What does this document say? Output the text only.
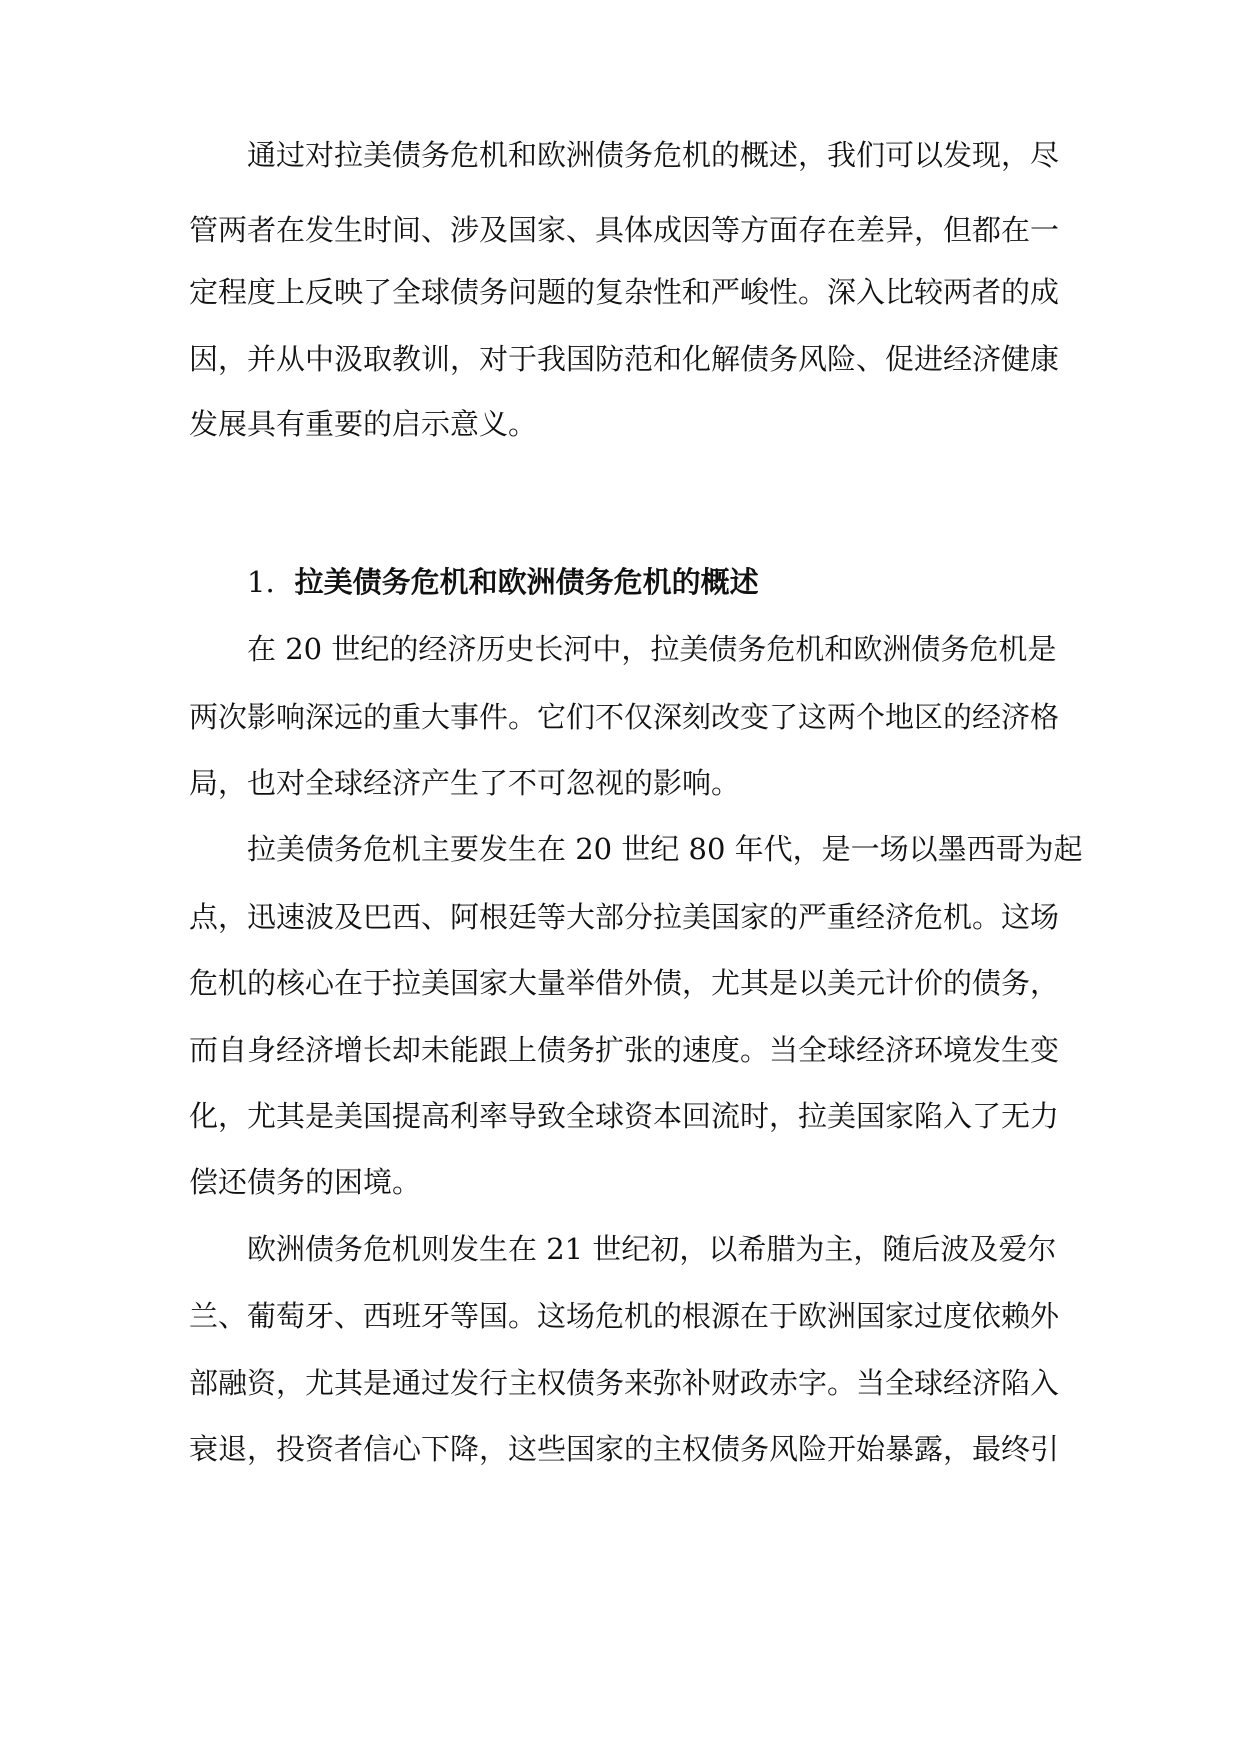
通过对拉美债务危机和欧洲债务危机的概述，我们可以发现，尽
管两者在发生时间、涉及国家、具体成因等方面存在差异，但都在一
定程度上反映了全球债务问题的复杂性和严峻性。深入比较两者的成
因，并从中汲取教训，对于我国防范和化解债务风险、促进经济健康
发展具有重要的启示意义。
1. 拉美债务危机和欧洲债务危机的概述
在 20 世纪的经济历史长河中，拉美债务危机和欧洲债务危机是
两次影响深远的重大事件。它们不仅深刻改变了这两个地区的经济格
局，也对全球经济产生了不可忽视的影响。
拉美债务危机主要发生在 20 世纪 80 年代，是一场以墨西哥为起
点，迅速波及巴西、阿根廷等大部分拉美国家的严重经济危机。这场
危机的核心在于拉美国家大量举借外债，尤其是以美元计价的债务，
而自身经济增长却未能跟上债务扩张的速度。当全球经济环境发生变
化，尤其是美国提高利率导致全球资本回流时，拉美国家陷入了无力
偿还债务的困境。
欧洲债务危机则发生在 21 世纪初，以希腊为主，随后波及爱尔
兰、葡萄牙、西班牙等国。这场危机的根源在于欧洲国家过度依赖外
部融资，尤其是通过发行主权债务来弥补财政赤字。当全球经济陷入
衰退，投资者信心下降，这些国家的主权债务风险开始暴露，最终引
